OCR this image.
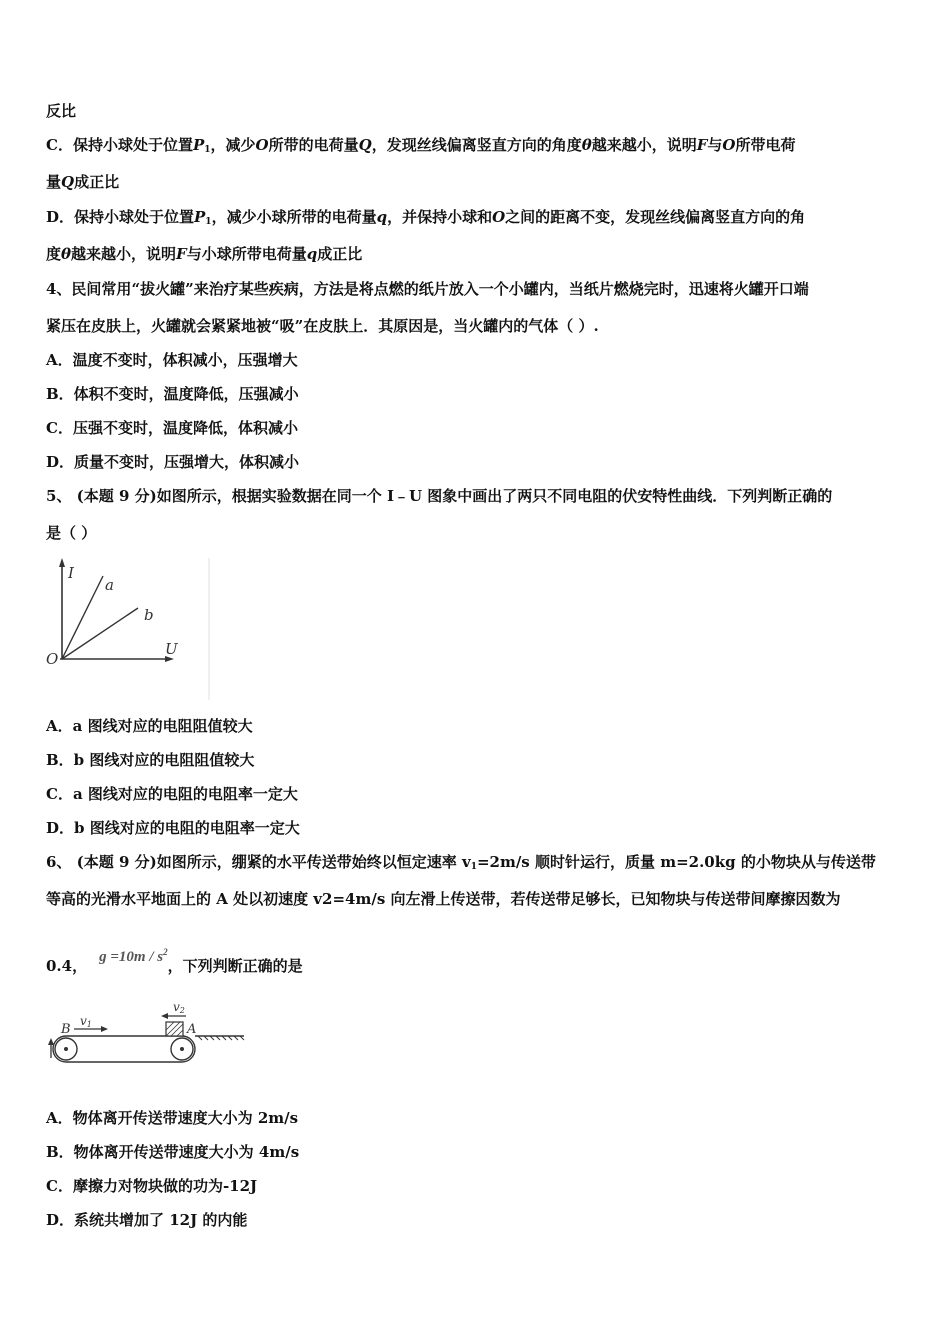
反比
C．保持小球处于位置$P_1$，减少O所带的电荷量Q，发现丝线偏离竖直方向的角度θ越来越小，说明F与O所带电荷
量Q成正比
D．保持小球处于位置$P_1$，减少小球所带的电荷量q，并保持小球和O之间的距离不变，发现丝线偏离竖直方向的角
度θ越来越小，说明F与小球所带电荷量q成正比
4、民间常用“拔火罐”来治疗某些疾病，方法是将点燃的纸片放入一个小罐内，当纸片燃烧完时，迅速将火罐开口端
紧压在皮肤上，火罐就会紧紧地被“吸”在皮肤上．其原因是，当火罐内的气体（ ）.
A．温度不变时，体积减小，压强增大
B．体积不变时，温度降低，压强减小
C．压强不变时，温度降低，体积减小
D．质量不变时，压强增大，体积减小
5、 (本题 9 分)如图所示，根据实验数据在同一个 I﹣U 图象中画出了两只不同电阻的伏安特性曲线．下列判断正确的
是（ ）
I
a
b
O
U
A．a 图线对应的电阻阻值较大
B．b 图线对应的电阻阻值较大
C．a 图线对应的电阻的电阻率一定大
D．b 图线对应的电阻的电阻率一定大
6、 (本题 9 分)如图所示，绷紧的水平传送带始终以恒定速率 $v_1=2m/s$ 顺时针运行，质量 m=2.0kg 的小物块从与传送带
等高的光滑水平地面上的 A 处以初速度 v2=4m/s 向左滑上传送带，若传送带足够长，已知物块与传送带间摩擦因数为
0.4， $g =10m / s^2$，下列判断正确的是
B	A
v1
v2
A．物体离开传送带速度大小为 2m/s
B．物体离开传送带速度大小为 4m/s
C．摩擦力对物块做的功为-12J
D．系统共增加了 12J 的内能
